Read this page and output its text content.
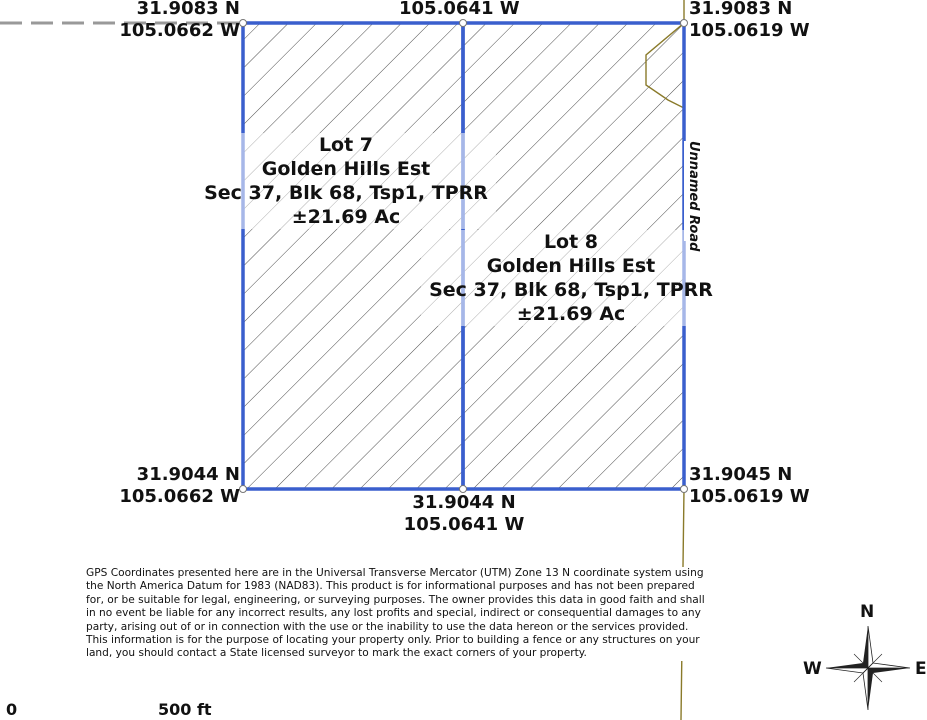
31.9083 N
105.0662 W
105.0641 W	31.9083 N
105.0619 W
31.9044 N
105.0662 W	31.9044 N
105.0641 W
31.9045 N
105.0619 W
Lot 7
Golden Hills Est
Sec 37, Blk 68, Tsp1, TPRR
±21.69 Ac
Lot 8
Golden Hills Est
Sec 37, Blk 68, Tsp1, TPRR
±21.69 Ac
Unnamed Road
GPS Coordinates presented here are in the Universal Transverse Mercator (UTM) Zone 13 N coordinate system using
the North America Datum for 1983 (NAD83). This product is for informational purposes and has not been prepared
for, or be suitable for legal, engineering, or surveying purposes. The owner provides this data in good faith and shall
in no event be liable for any incorrect results, any lost profits and special, indirect or consequential damages to any
party, arising out of or in connection with the use or the inability to use the data hereon or the services provided.
This information is for the purpose of locating your property only. Prior to building a fence or any structures on your
land, you should contact a State licensed surveyor to mark the exact corners of your property.
0	500 ft
N
W	E
